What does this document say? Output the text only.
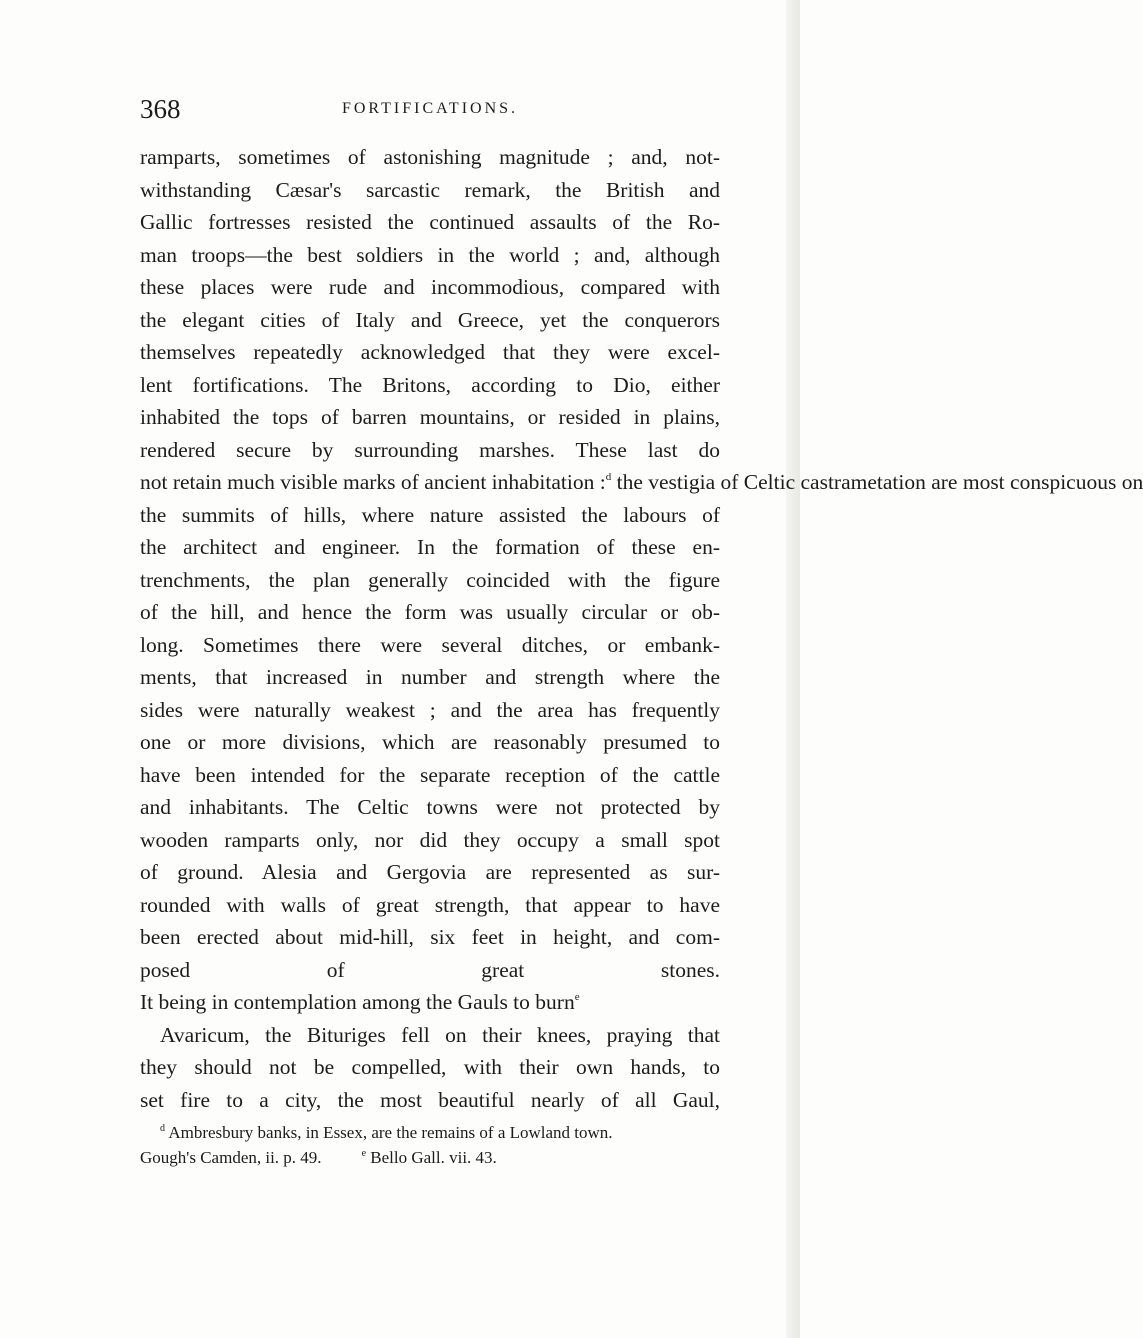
368	FORTIFICATIONS.
ramparts, sometimes of astonishing magnitude ; and, not-
withstanding Cæsar's sarcastic remark, the British and
Gallic fortresses resisted the continued assaults of the Ro-
man troops—the best soldiers in the world ; and, although
these places were rude and incommodious, compared with
the elegant cities of Italy and Greece, yet the conquerors
themselves repeatedly acknowledged that they were excel-
lent fortifications. The Britons, according to Dio, either
inhabited the tops of barren mountains, or resided in plains,
rendered secure by surrounding marshes. These last do
not retain much visible marks of ancient inhabitation :$^d$ the vestigia of Celtic castrametation are most conspicuous on
the summits of hills, where nature assisted the labours of
the architect and engineer. In the formation of these en-
trenchments, the plan generally coincided with the figure
of the hill, and hence the form was usually circular or ob-
long. Sometimes there were several ditches, or embank-
ments, that increased in number and strength where the
sides were naturally weakest ; and the area has frequently
one or more divisions, which are reasonably presumed to
have been intended for the separate reception of the cattle
and inhabitants. The Celtic towns were not protected by
wooden ramparts only, nor did they occupy a small spot
of ground. Alesia and Gergovia are represented as sur-
rounded with walls of great strength, that appear to have
been erected about mid-hill, six feet in height, and com-
posed of great stones.
It being in contemplation among the Gauls to burn$^e$
Avaricum, the Bituriges fell on their knees, praying that
they should not be compelled, with their own hands, to
set fire to a city, the most beautiful nearly of all Gaul,
$^d$ Ambresbury banks, in Essex, are the remains of a Lowland town.
Gough's Camden, ii. p. 49.	$^e$ Bello Gall. vii. 43.
